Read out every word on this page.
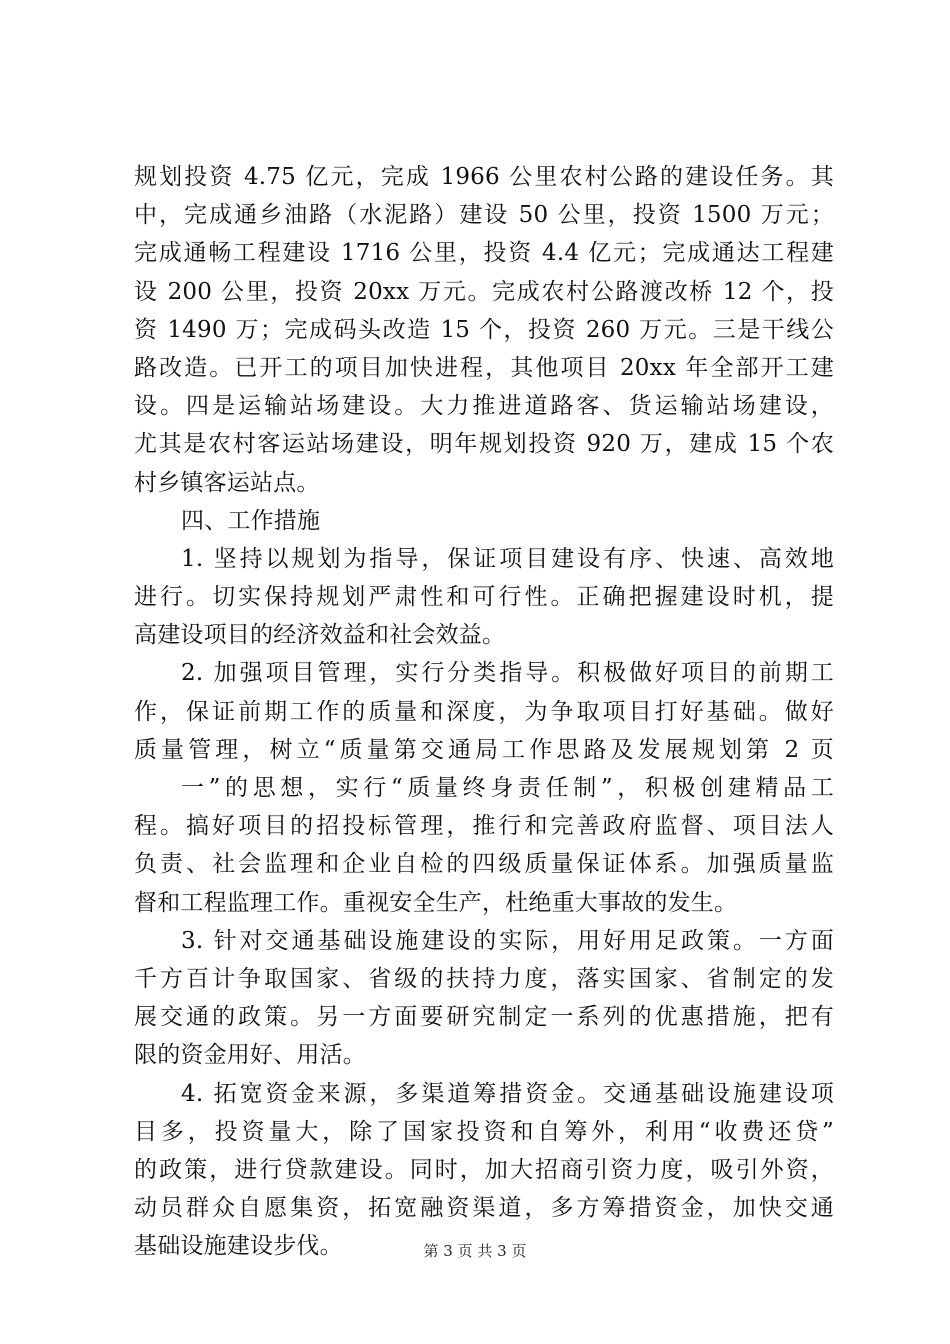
规划投资 4.75 亿元，完成 1966 公里农村公路的建设任务。其
中，完成通乡油路（水泥路）建设 50 公里，投资 1500 万元；
完成通畅工程建设 1716 公里，投资 4.4 亿元；完成通达工程建
设 200 公里，投资 20xx 万元。完成农村公路渡改桥 12 个，投
资 1490 万；完成码头改造 15 个，投资 260 万元。三是干线公
路改造。已开工的项目加快进程，其他项目 20xx 年全部开工建
设。四是运输站场建设。大力推进道路客、货运输站场建设，
尤其是农村客运站场建设，明年规划投资 920 万，建成 15 个农
村乡镇客运站点。
四、工作措施
1. 坚持以规划为指导，保证项目建设有序、快速、高效地
进行。切实保持规划严肃性和可行性。正确把握建设时机，提
高建设项目的经济效益和社会效益。
2. 加强项目管理，实行分类指导。积极做好项目的前期工
作，保证前期工作的质量和深度，为争取项目打好基础。做好
质量管理，树立“质量第交通局工作思路及发展规划第 2 页
一”的思想，实行“质量终身责任制”，积极创建精品工
程。搞好项目的招投标管理，推行和完善政府监督、项目法人
负责、社会监理和企业自检的四级质量保证体系。加强质量监
督和工程监理工作。重视安全生产，杜绝重大事故的发生。
3. 针对交通基础设施建设的实际，用好用足政策。一方面
千方百计争取国家、省级的扶持力度，落实国家、省制定的发
展交通的政策。另一方面要研究制定一系列的优惠措施，把有
限的资金用好、用活。
4. 拓宽资金来源，多渠道筹措资金。交通基础设施建设项
目多，投资量大，除了国家投资和自筹外，利用“收费还贷”
的政策，进行贷款建设。同时，加大招商引资力度，吸引外资，
动员群众自愿集资，拓宽融资渠道，多方筹措资金，加快交通
基础设施建设步伐。	第 3 页 共 3 页
